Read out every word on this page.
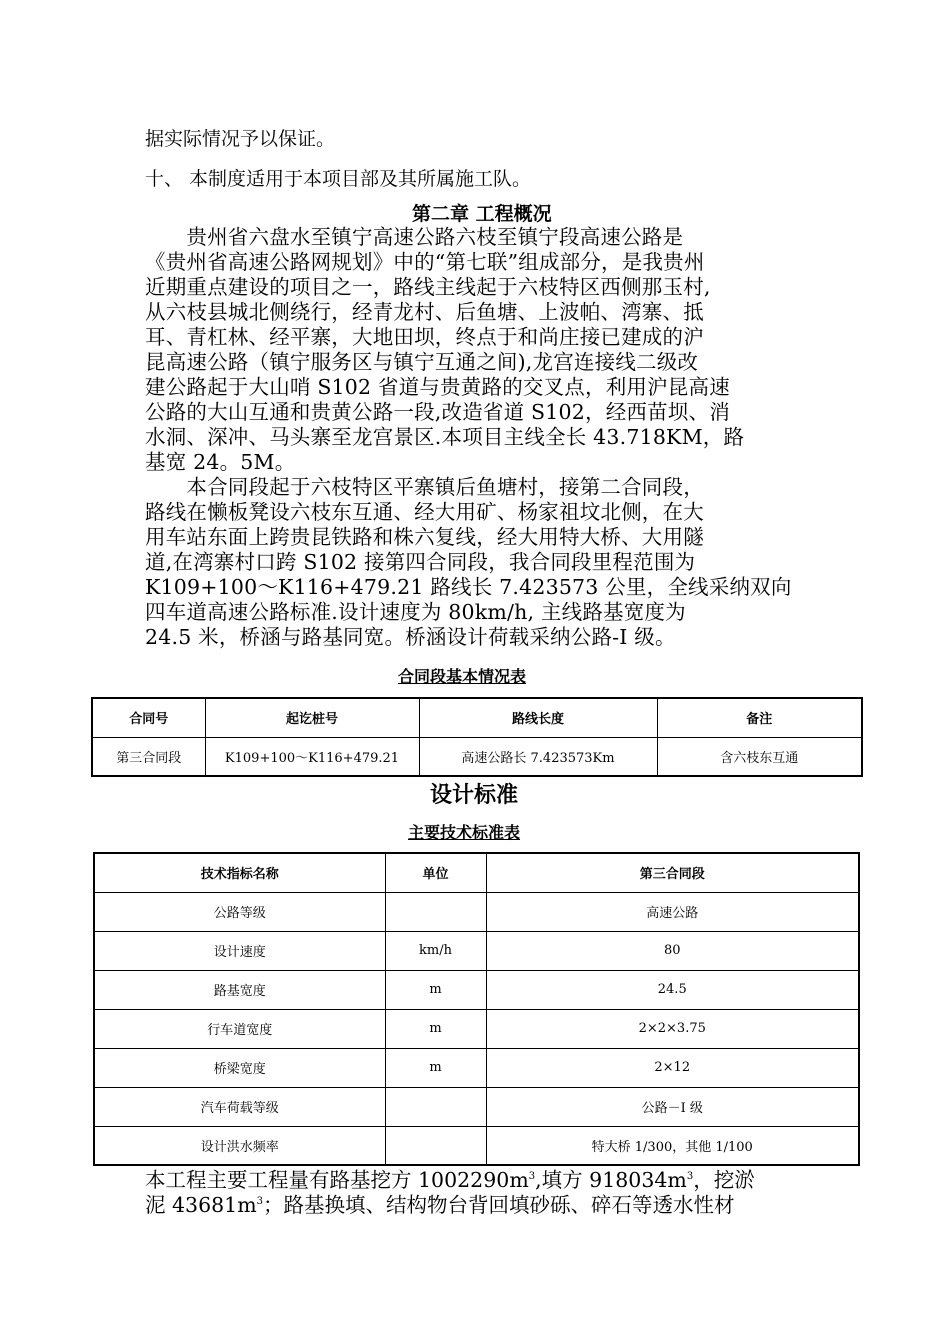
据实际情况予以保证。
十、 本制度适用于本项目部及其所属施工队。
第二章 工程概况
　　贵州省六盘水至镇宁高速公路六枝至镇宁段高速公路是
《贵州省高速公路网规划》中的“第七联”组成部分，是我贵州
近期重点建设的项目之一，路线主线起于六枝特区西侧那玉村,
从六枝县城北侧绕行，经青龙村、后鱼塘、上波帕、湾寨、抵
耳、青杠林、经平寨，大地田坝，终点于和尚庄接已建成的沪
昆高速公路（镇宁服务区与镇宁互通之间),龙宫连接线二级改
建公路起于大山哨 S102 省道与贵黄路的交叉点，利用沪昆高速
公路的大山互通和贵黄公路一段,改造省道 S102，经西苗坝、消
水洞、深冲、马头寨至龙宫景区.本项目主线全长 43.718KM，路
基宽 24。5M。
　　本合同段起于六枝特区平寨镇后鱼塘村，接第二合同段，
路线在懒板凳设六枝东互通、经大用矿、杨家祖坟北侧，在大
用车站东面上跨贵昆铁路和株六复线，经大用特大桥、大用隧
道,在湾寨村口跨 S102 接第四合同段，我合同段里程范围为
K109+100～K116+479.21 路线长 7.423573 公里，全线采纳双向
四车道高速公路标准.设计速度为 80km/h, 主线路基宽度为
24.5 米，桥涵与路基同宽。桥涵设计荷载采纳公路-I 级。
合同段基本情况表
合同号	起讫桩号	路线长度	备注
第三合同段	K109+100～K116+479.21	高速公路长 7.423573Km	含六枝东互通
设计标准
主要技术标准表
技术指标名称	单位	第三合同段
公路等级		高速公路
设计速度	km/h	80
路基宽度	m	24.5
行车道宽度	m	2×2×3.75
桥梁宽度	m	2×12
汽车荷载等级		公路－I 级
设计洪水频率		特大桥 1/300，其他 1/100
本工程主要工程量有路基挖方 $1002290m^3$,填方 $918034m^3$，挖淤
泥 $43681m^3$；路基换填、结构物台背回填砂砾、碎石等透水性材
